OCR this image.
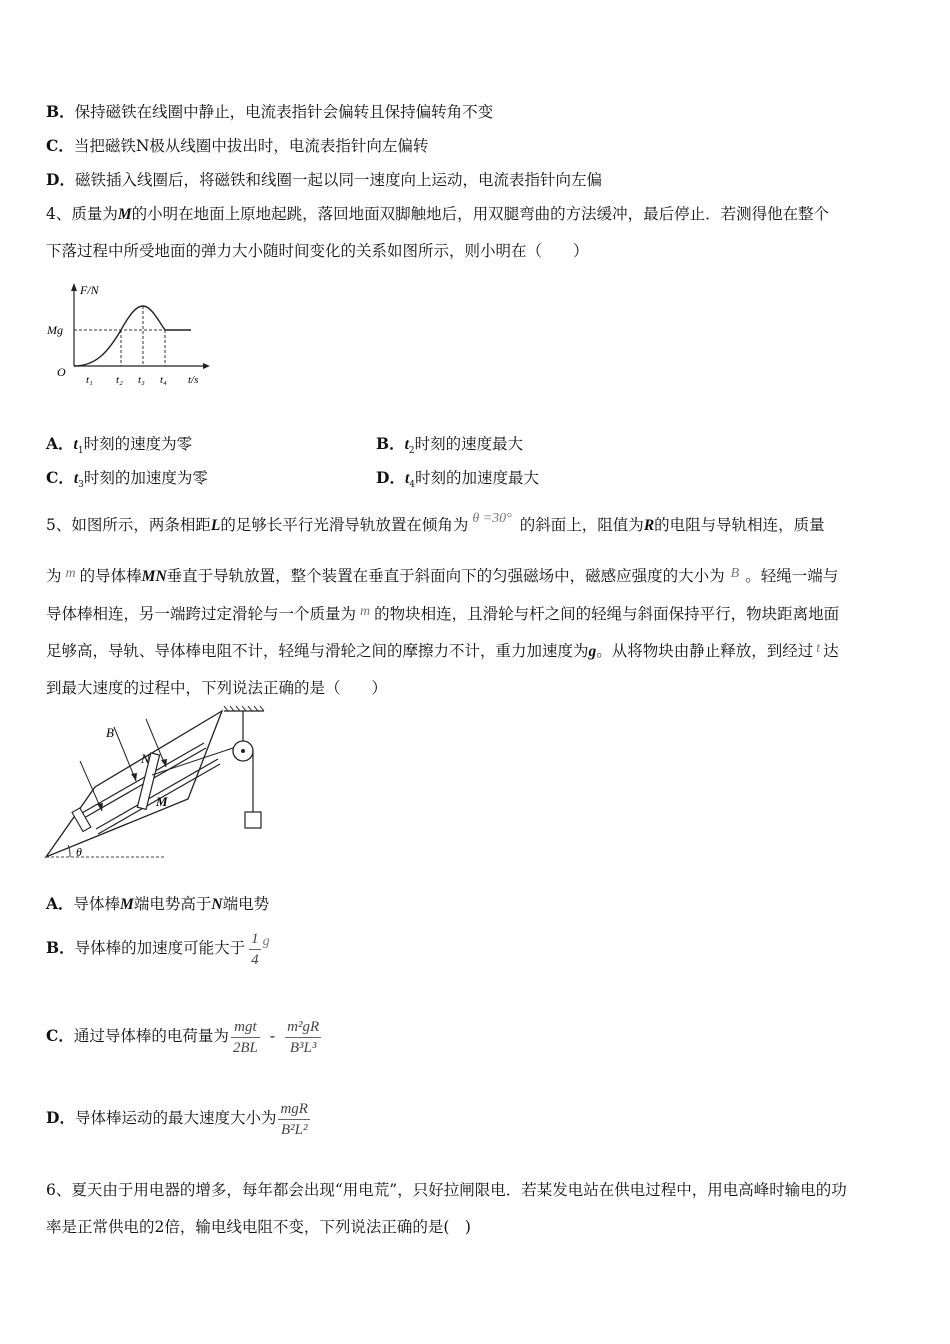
B．保持磁铁在线圈中静止，电流表指针会偏转且保持偏转角不变
C．当把磁铁N极从线圈中拔出时，电流表指针向左偏转
D．磁铁插入线圈后，将磁铁和线圈一起以同一速度向上运动，电流表指针向左偏
4、质量为M的小明在地面上原地起跳，落回地面双脚触地后，用双腿弯曲的方法缓冲，最后停止．若测得他在整个
下落过程中所受地面的弹力大小随时间变化的关系如图所示，则小明在（　　）
F/N
Mg
O
t₁ t₂ t₃ t₄ t/s
A．$t_1$时刻的速度为零	B．$t_2$时刻的速度最大
C．$t_3$时刻的加速度为零	D．$t_4$时刻的加速度最大
5、如图所示，两条相距L的足够长平行光滑导轨放置在倾角为 θ =30° 的斜面上，阻值为R的电阻与导轨相连，质量
为 m 的导体棒MN垂直于导轨放置，整个装置在垂直于斜面向下的匀强磁场中，磁感应强度的大小为 B 。轻绳一端与
导体棒相连，另一端跨过定滑轮与一个质量为 m 的物块相连，且滑轮与杆之间的轻绳与斜面保持平行，物块距离地面
足够高，导轨、导体棒电阻不计，轻绳与滑轮之间的摩擦力不计，重力加速度为g。从将物块由静止释放，到经过 t 达
到最大速度的过程中，下列说法正确的是（　　）
θ
B
N
M
A．导体棒M端电势高于N端电势
B．导体棒的加速度可能大于 $\frac{1}{4}$ g
C．通过导体棒的电荷量为 $\frac{\text{mgt}}{2BL} - \frac{\text{m²gR}}{\text{B³L³}}$
D．导体棒运动的最大速度大小为 $\frac{\text{mgR}}{\text{B²L²}}$
6、夏天由于用电器的增多，每年都会出现“用电荒”，只好拉闸限电．若某发电站在供电过程中，用电高峰时输电的功
率是正常供电的2倍，输电线电阻不变，下列说法正确的是(　)
